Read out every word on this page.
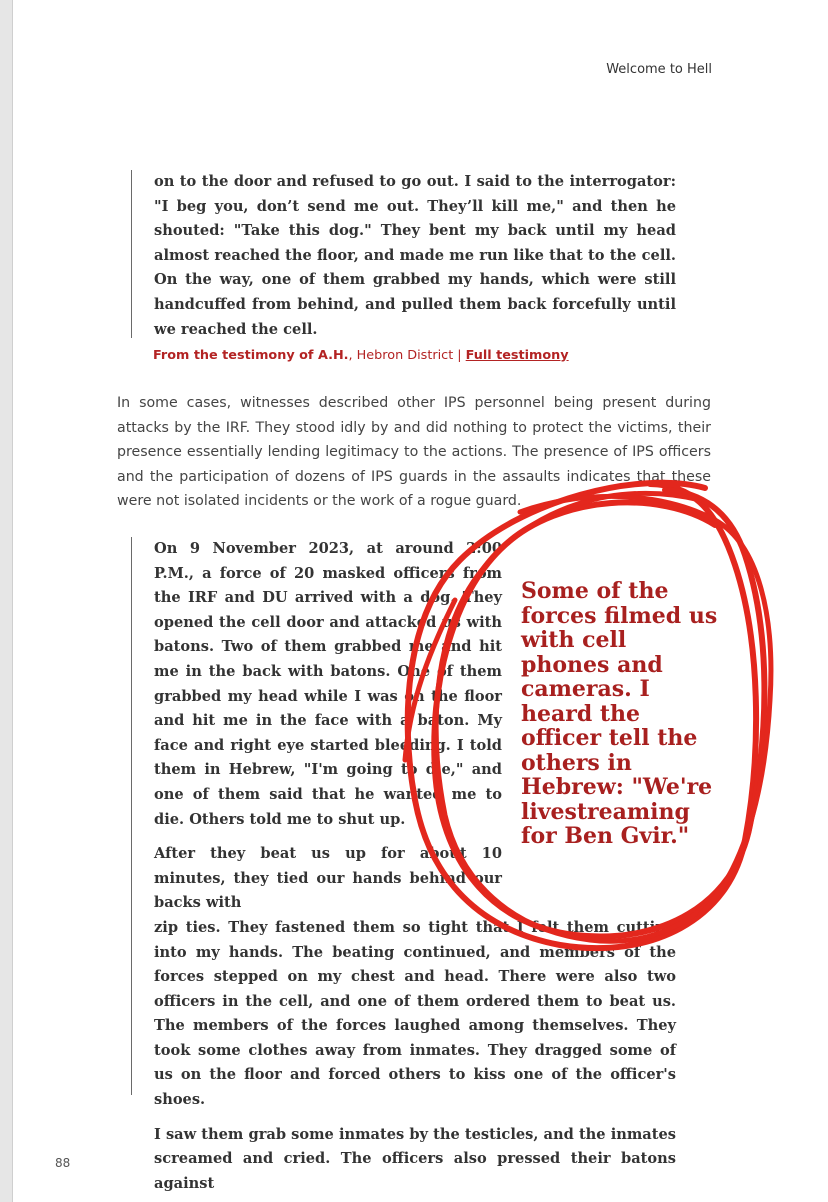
Welcome to Hell

on to the door and refused to go out. I said to the interrogator: "I beg you, don’t send me out. They’ll kill me," and then he shouted: "Take this dog." They bent my back until my head almost reached the floor, and made me run like that to the cell. On the way, one of them grabbed my hands, which were still handcuffed from behind, and pulled them back forcefully until we reached the cell.

From the testimony of A.H., Hebron District | Full testimony

In some cases, witnesses described other IPS personnel being present during attacks by the IRF. They stood idly by and did nothing to protect the victims, their presence essentially lending legitimacy to the actions. The presence of IPS officers and the participation of dozens of IPS guards in the assaults indicates that these were not isolated incidents or the work of a rogue guard.

On 9 November 2023, at around 2:00 P.M., a force of 20 masked officers from the IRF and DU arrived with a dog. They opened the cell door and attacked us with batons. Two of them grabbed me and hit me in the back with batons. One of them grabbed my head while I was on the floor and hit me in the face with a baton. My face and right eye started bleeding. I told them in Hebrew, "I'm going to die," and one of them said that he wanted me to die. Others told me to shut up.

After they beat us up for about 10 minutes, they tied our hands behind our backs with

zip ties. They fastened them so tight that I felt them cutting into my hands. The beating continued, and members of the forces stepped on my chest and head. There were also two officers in the cell, and one of them ordered them to beat us. The members of the forces laughed among themselves. They took some clothes away from inmates. They dragged some of us on the floor and forced others to kiss one of the officer's shoes.

I saw them grab some inmates by the testicles, and the inmates screamed and cried. The officers also pressed their batons against

Some of the forces filmed us with cell phones and cameras. I heard the officer tell the others in Hebrew: "We're livestreaming for Ben Gvir."
88
